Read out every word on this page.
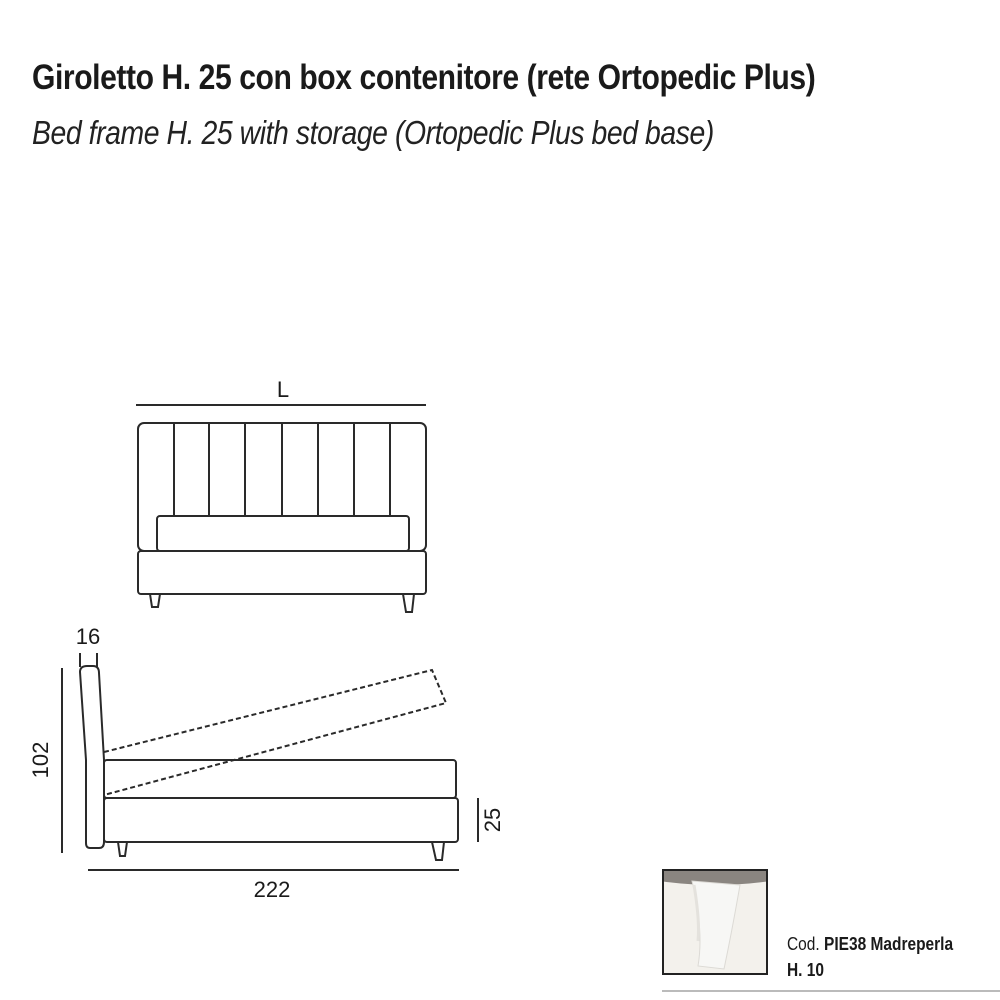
Giroletto H. 25 con box contenitore (rete Ortopedic Plus)
Bed frame H. 25 with storage (Ortopedic Plus bed base)
L
16
102
25
222
Cod. PIE38 Madreperla
H. 10
